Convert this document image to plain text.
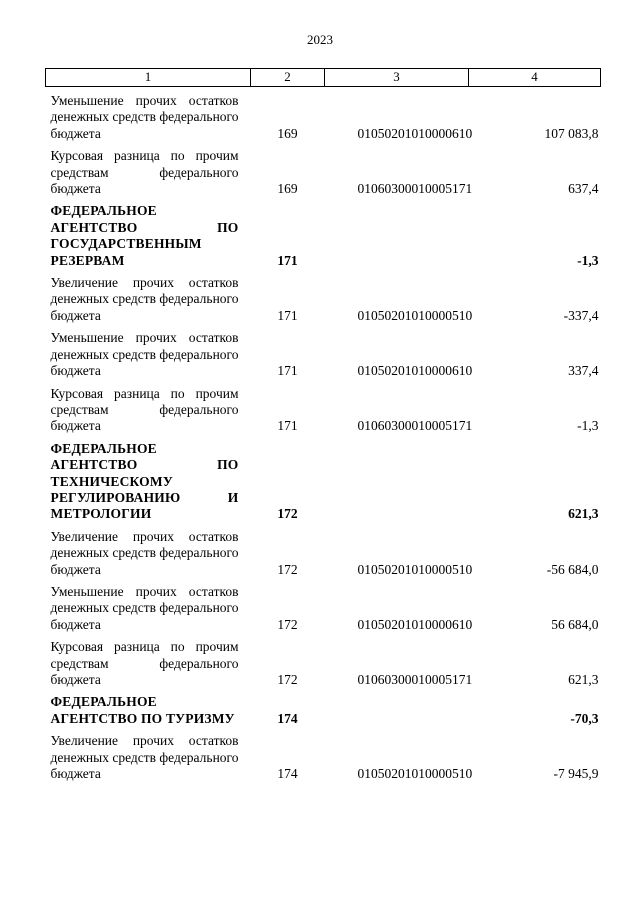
2023
1	2	3	4

Уменьшение прочих остатков денежных средств федерального бюджета	169	01050201010000610	107 083,8

Курсовая разница по прочим средствам федерального бюджета	169	01060300010005171	637,4

ФЕДЕРАЛЬНОЕ АГЕНТСТВО ПО ГОСУДАРСТВЕННЫМ РЕЗЕРВАМ	171		-1,3

Увеличение прочих остатков денежных средств федерального бюджета	171	01050201010000510	-337,4

Уменьшение прочих остатков денежных средств федерального бюджета	171	01050201010000610	337,4

Курсовая разница по прочим средствам федерального бюджета	171	01060300010005171	-1,3

ФЕДЕРАЛЬНОЕ АГЕНТСТВО ПО ТЕХНИЧЕСКОМУ РЕГУЛИРОВАНИЮ И МЕТРОЛОГИИ	172		621,3

Увеличение прочих остатков денежных средств федерального бюджета	172	01050201010000510	-56 684,0

Уменьшение прочих остатков денежных средств федерального бюджета	172	01050201010000610	56 684,0

Курсовая разница по прочим средствам федерального бюджета	172	01060300010005171	621,3

ФЕДЕРАЛЬНОЕ АГЕНТСТВО ПО ТУРИЗМУ	174		-70,3

Увеличение прочих остатков денежных средств федерального бюджета	174	01050201010000510	-7 945,9
